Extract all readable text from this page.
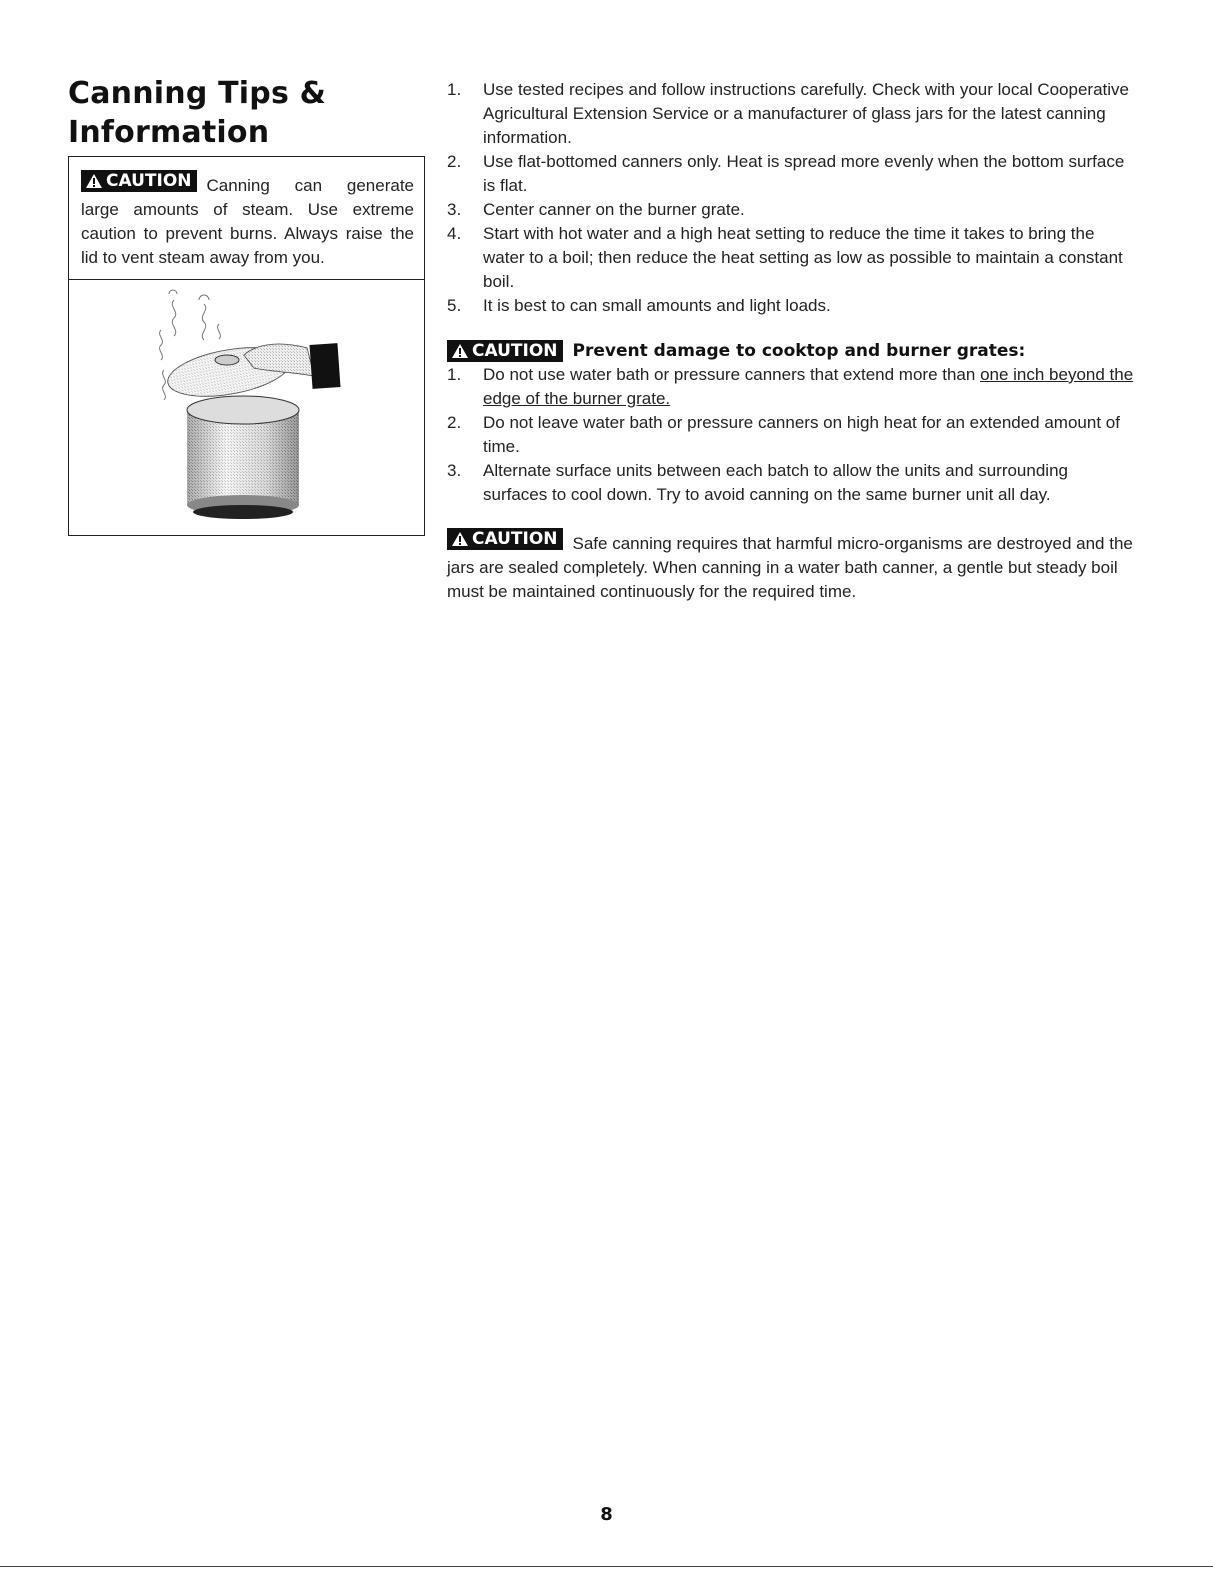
Canning Tips &
Information
CAUTION Canning can generate large amounts of steam. Use extreme caution to prevent burns. Always raise the lid to vent steam away from you.
1. Use tested recipes and follow instructions carefully. Check with your local Cooperative Agricultural Extension Service or a manufacturer of glass jars for the latest canning information.
2. Use flat-bottomed canners only. Heat is spread more evenly when the bottom surface is flat.
3. Center canner on the burner grate.
4. Start with hot water and a high heat setting to reduce the time it takes to bring the water to a boil; then reduce the heat setting as low as possible to maintain a constant boil.
5. It is best to can small amounts and light loads.
CAUTION Prevent damage to cooktop and burner grates:
1. Do not use water bath or pressure canners that extend more than one inch beyond the edge of the burner grate.
2. Do not leave water bath or pressure canners on high heat for an extended amount of time.
3. Alternate surface units between each batch to allow the units and surrounding surfaces to cool down. Try to avoid canning on the same burner unit all day.
CAUTION Safe canning requires that harmful micro-organisms are destroyed and the jars are sealed completely. When canning in a water bath canner, a gentle but steady boil must be maintained continuously for the required time.
8
